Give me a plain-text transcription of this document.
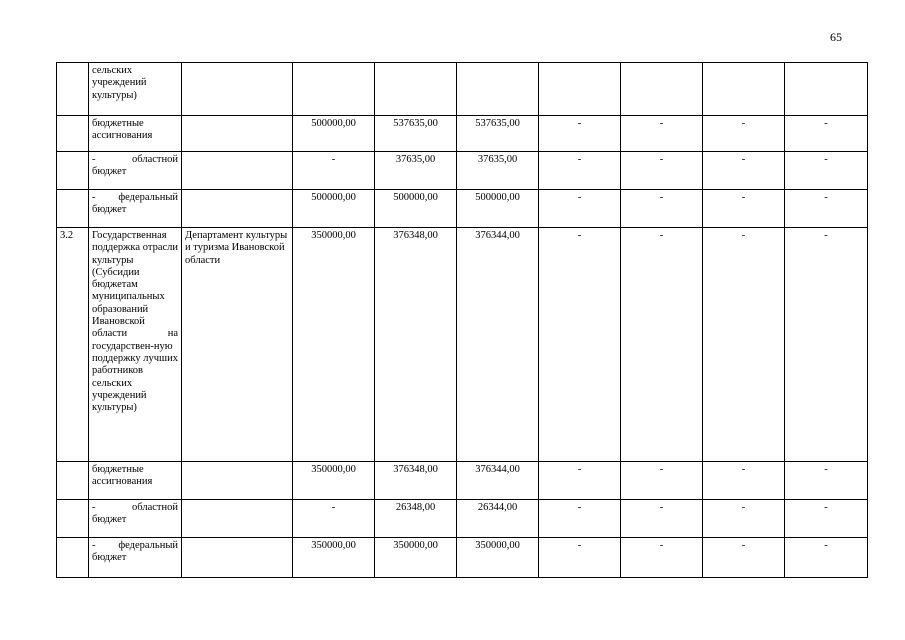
65
	сельских учреждений культуры)								
	бюджетные ассигнования		500000,00	537635,00	537635,00	-	-	-	-
	- областной бюджет		-	37635,00	37635,00	-	-	-	-
	- федеральный бюджет		500000,00	500000,00	500000,00	-	-	-	-
3.2	Государственная поддержка отрасли культуры (Субсидии бюджетам муниципальных образований Ивановской области на государствен-ную поддержку лучших работников сельских учреждений культуры)	Департамент культуры и туризма Ивановской области	350000,00	376348,00	376344,00	-	-	-	-
	бюджетные ассигнования		350000,00	376348,00	376344,00	-	-	-	-
	- областной бюджет		-	26348,00	26344,00	-	-	-	-
	- федеральный бюджет		350000,00	350000,00	350000,00	-	-	-	-
